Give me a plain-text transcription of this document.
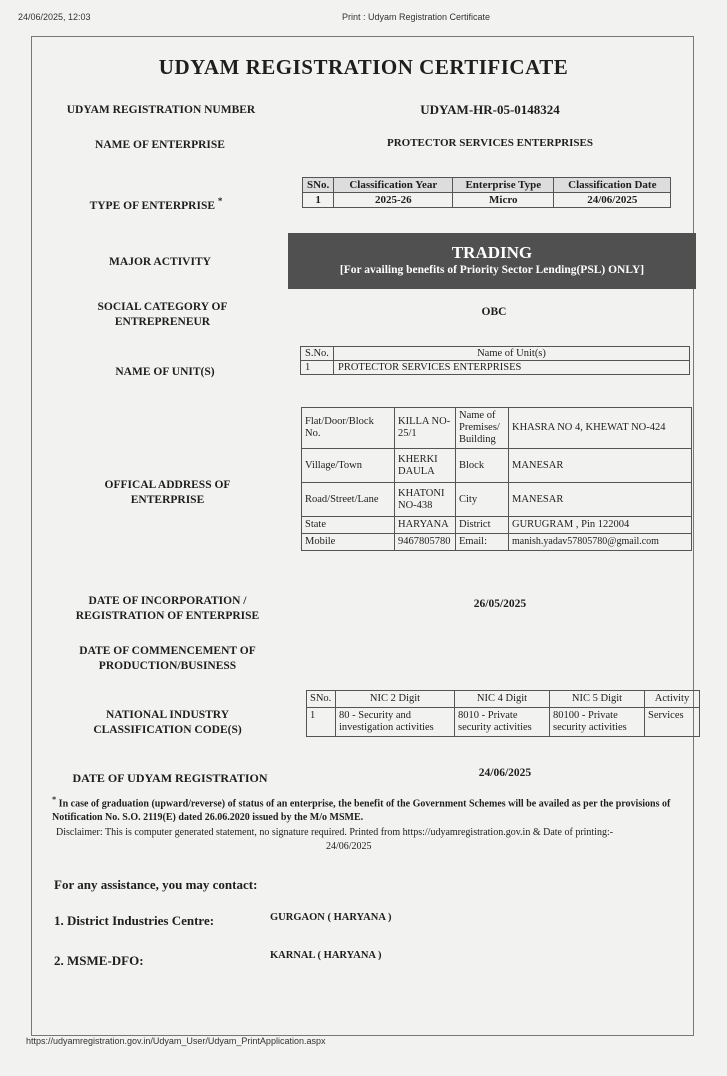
24/06/2025, 12:03	Print : Udyam Registration Certificate
UDYAM REGISTRATION CERTIFICATE
UDYAM REGISTRATION NUMBER	UDYAM-HR-05-0148324
NAME OF ENTERPRISE	PROTECTOR SERVICES ENTERPRISES
TYPE OF ENTERPRISE *
SNo.	Classification Year	Enterprise Type	Classification Date
1	2025-26	Micro	24/06/2025
MAJOR ACTIVITY	TRADING
[For availing benefits of Priority Sector Lending(PSL) ONLY]
SOCIAL CATEGORY OF
ENTREPRENEUR
OBC
NAME OF UNIT(S)
S.No.	Name of Unit(s)
1	PROTECTOR SERVICES ENTERPRISES
OFFICAL ADDRESS OF
ENTERPRISE
Flat/Door/Block No.	KILLA NO-25/1	Name of Premises/ Building	KHASRA NO 4, KHEWAT NO-424
Village/Town	KHERKI DAULA	Block	MANESAR
Road/Street/Lane	KHATONI NO-438	City	MANESAR
State	HARYANA	District	GURUGRAM , Pin 122004
Mobile	9467805780	Email:	manish.yadav57805780@gmail.com
DATE OF INCORPORATION /
REGISTRATION OF ENTERPRISE
26/05/2025
DATE OF COMMENCEMENT OF
PRODUCTION/BUSINESS
NATIONAL INDUSTRY
CLASSIFICATION CODE(S)
SNo.	NIC 2 Digit	NIC 4 Digit	NIC 5 Digit	Activity
1	80 - Security and investigation activities	8010 - Private security activities	80100 - Private security activities	Services
DATE OF UDYAM REGISTRATION	24/06/2025
* In case of graduation (upward/reverse) of status of an enterprise, the benefit of the Government Schemes will be availed as per the provisions of Notification No. S.O. 2119(E) dated 26.06.2020 issued by the M/o MSME.
Disclaimer: This is computer generated statement, no signature required. Printed from https://udyamregistration.gov.in & Date of printing:-
24/06/2025
For any assistance, you may contact:
1. District Industries Centre:	GURGAON ( HARYANA )
2. MSME-DFO:	KARNAL ( HARYANA )
https://udyamregistration.gov.in/Udyam_User/Udyam_PrintApplication.aspx
